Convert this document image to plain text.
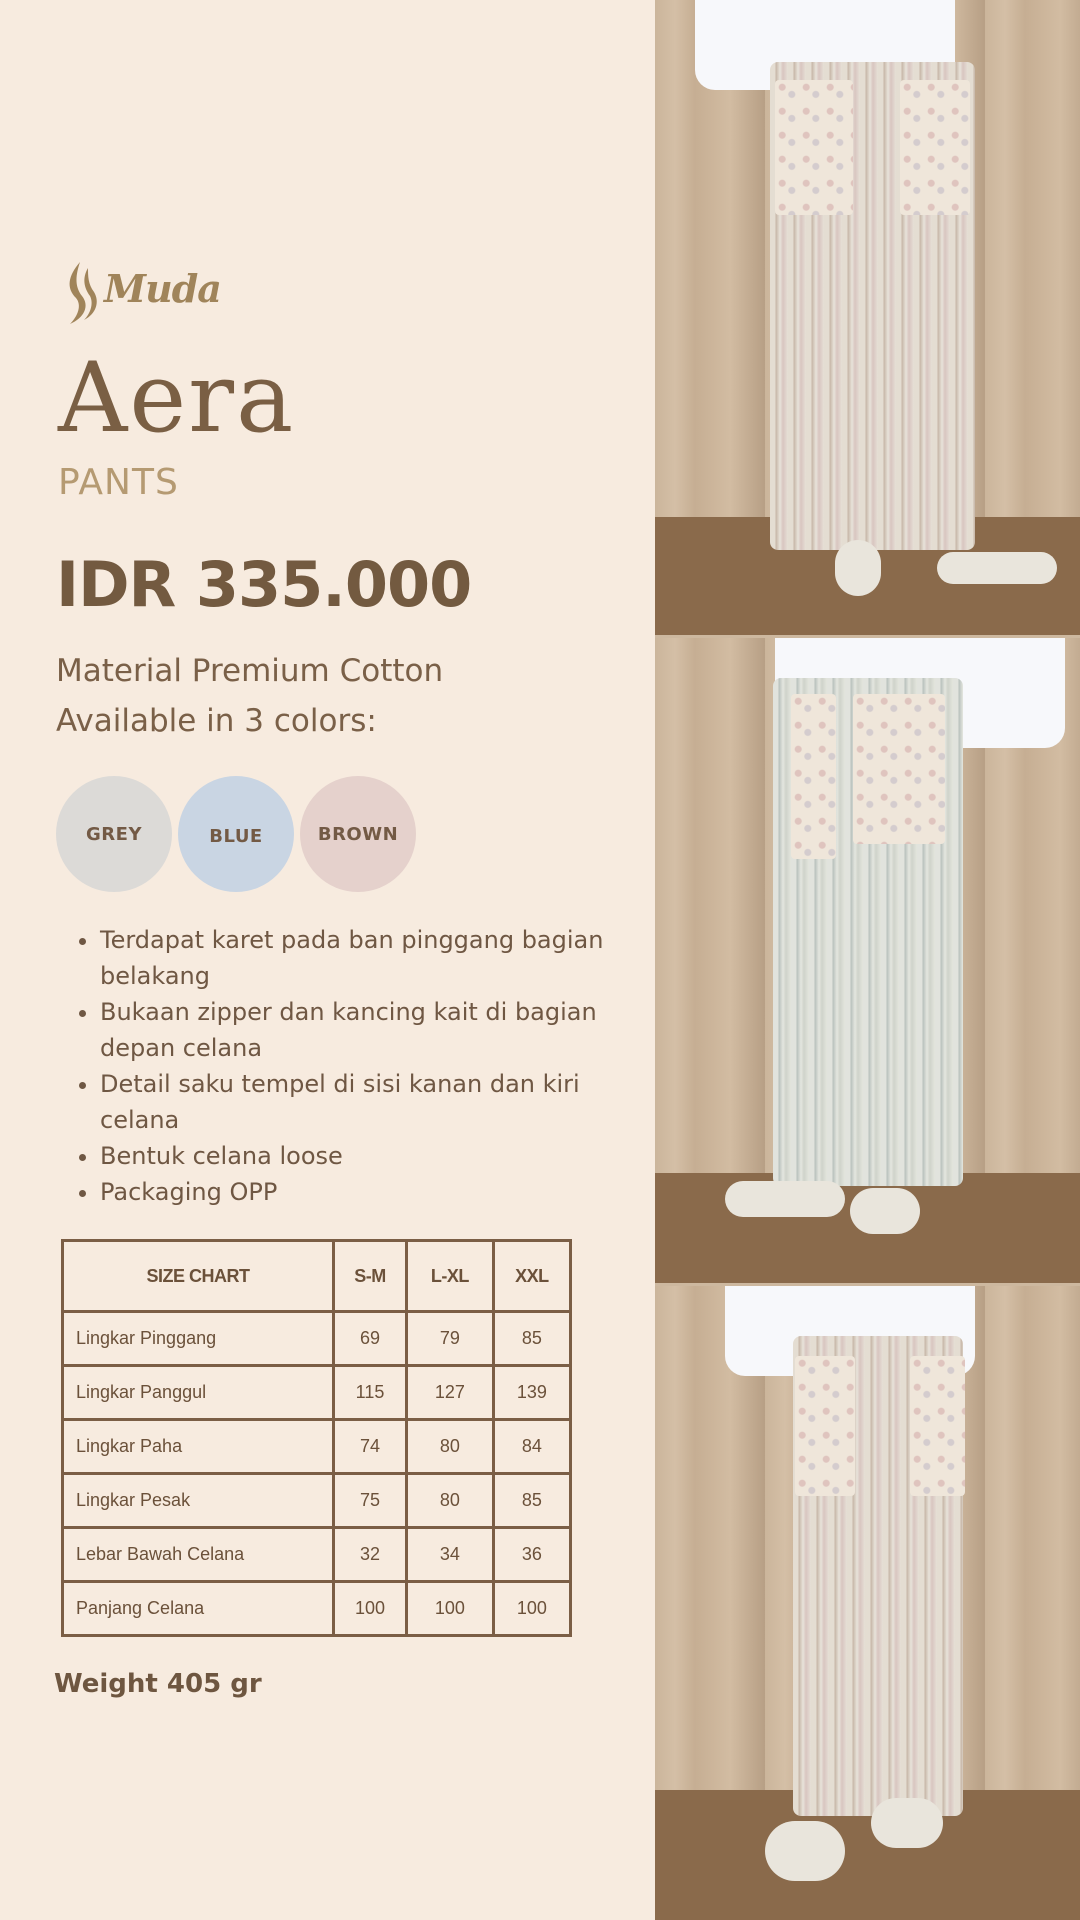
Muda
Aera
PANTS
IDR 335.000
Material Premium Cotton
Available in 3 colors:
GREY	BLUE	BROWN
• Terdapat karet pada ban pinggang bagian belakang
• Bukaan zipper dan kancing kait di bagian depan celana
• Detail saku tempel di sisi kanan dan kiri celana
• Bentuk celana loose
• Packaging OPP
SIZE CHART	S-M	L-XL	XXL
Lingkar Pinggang	69	79	85
Lingkar Panggul	115	127	139
Lingkar Paha	74	80	84
Lingkar Pesak	75	80	85
Lebar Bawah Celana	32	34	36
Panjang Celana	100	100	100
Weight 405 gr
